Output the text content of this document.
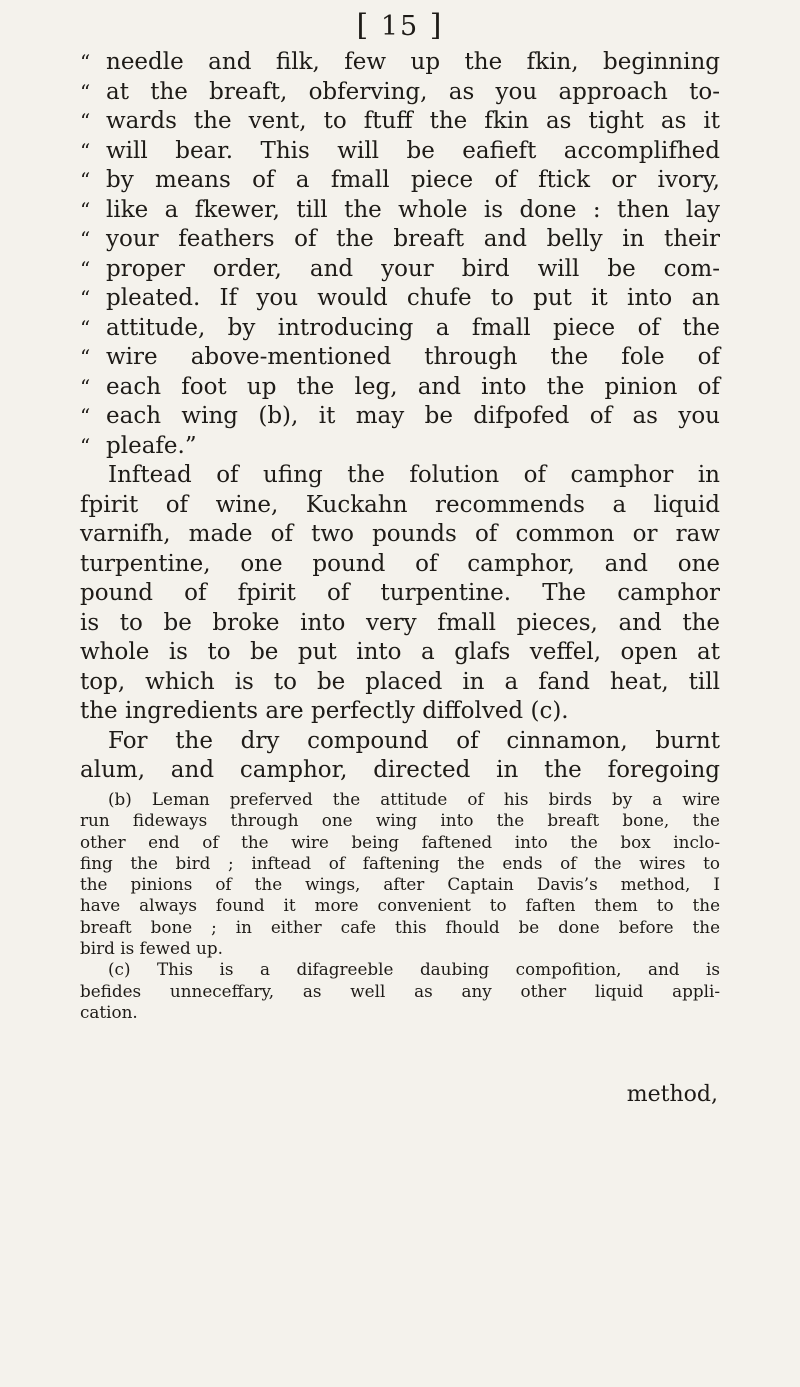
[ 15 ]
“ needle and filk, few up the fkin, beginning
“ at the breaft, obferving, as you approach to-
“ wards the vent, to ftuff the fkin as tight as it
“ will bear. This will be eafieft accomplifhed
“ by means of a fmall piece of ftick or ivory,
“ like a fkewer, till the whole is done : then lay
“ your feathers of the breaft and belly in their
“ proper order, and your bird will be com-
“ pleated. If you would chufe to put it into an
“ attitude, by introducing a fmall piece of the
“ wire above-mentioned through the fole of
“ each foot up the leg, and into the pinion of
“ each wing (b), it may be difpofed of as you
“ pleafe.”
Inftead of ufing the folution of camphor in
fpirit of wine, Kuckahn recommends a liquid
varnifh, made of two pounds of common or raw
turpentine, one pound of camphor, and one
pound of fpirit of turpentine. The camphor
is to be broke into very fmall pieces, and the
whole is to be put into a glafs veffel, open at
top, which is to be placed in a fand heat, till
the ingredients are perfectly diffolved (c).
For the dry compound of cinnamon, burnt
alum, and camphor, directed in the foregoing
(b) Leman preferved the attitude of his birds by a wire
run fideways through one wing into the breaft bone, the
other end of the wire being faftened into the box inclo-
fing the bird ; inftead of faftening the ends of the wires to
the pinions of the wings, after Captain Davis’s method, I
have always found it more convenient to faften them to the
breaft bone ; in either cafe this fhould be done before the
bird is fewed up.
(c) This is a difagreeble daubing compofition, and is
befides unneceffary, as well as any other liquid appli-
cation.
method,
